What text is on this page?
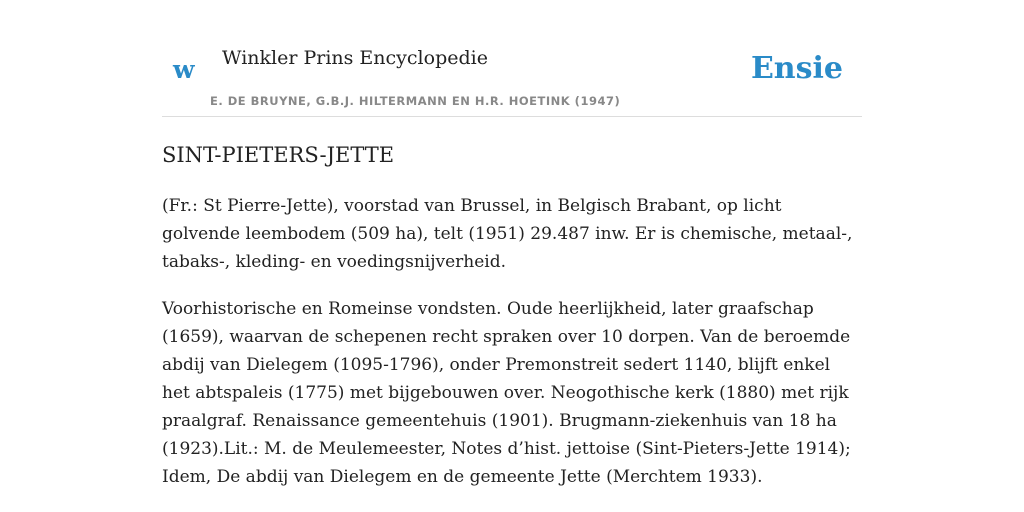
w Winkler Prins Encyclopedie
E. DE BRUYNE, G.B.J. HILTERMANN EN H.R. HOETINK (1947)
Ensie
SINT-PIETERS-JETTE

(Fr.: St Pierre-Jette), voorstad van Brussel, in Belgisch Brabant, op licht golvende leembodem (509 ha), telt (1951) 29.487 inw. Er is chemische, metaal-, tabaks-, kleding- en voedingsnijverheid.

Voorhistorische en Romeinse vondsten. Oude heerlijkheid, later graafschap (1659), waarvan de schepenen recht spraken over 10 dorpen. Van de beroemde abdij van Dielegem (1095-1796), onder Premonstreit sedert 1140, blijft enkel het abtspaleis (1775) met bijgebouwen over. Neogothische kerk (1880) met rijk praalgraf. Renaissance gemeentehuis (1901). Brugmann-ziekenhuis van 18 ha (1923).Lit.: M. de Meulemeester, Notes d’hist. jettoise (Sint-Pieters-Jette 1914); Idem, De abdij van Dielegem en de gemeente Jette (Merchtem 1933).
